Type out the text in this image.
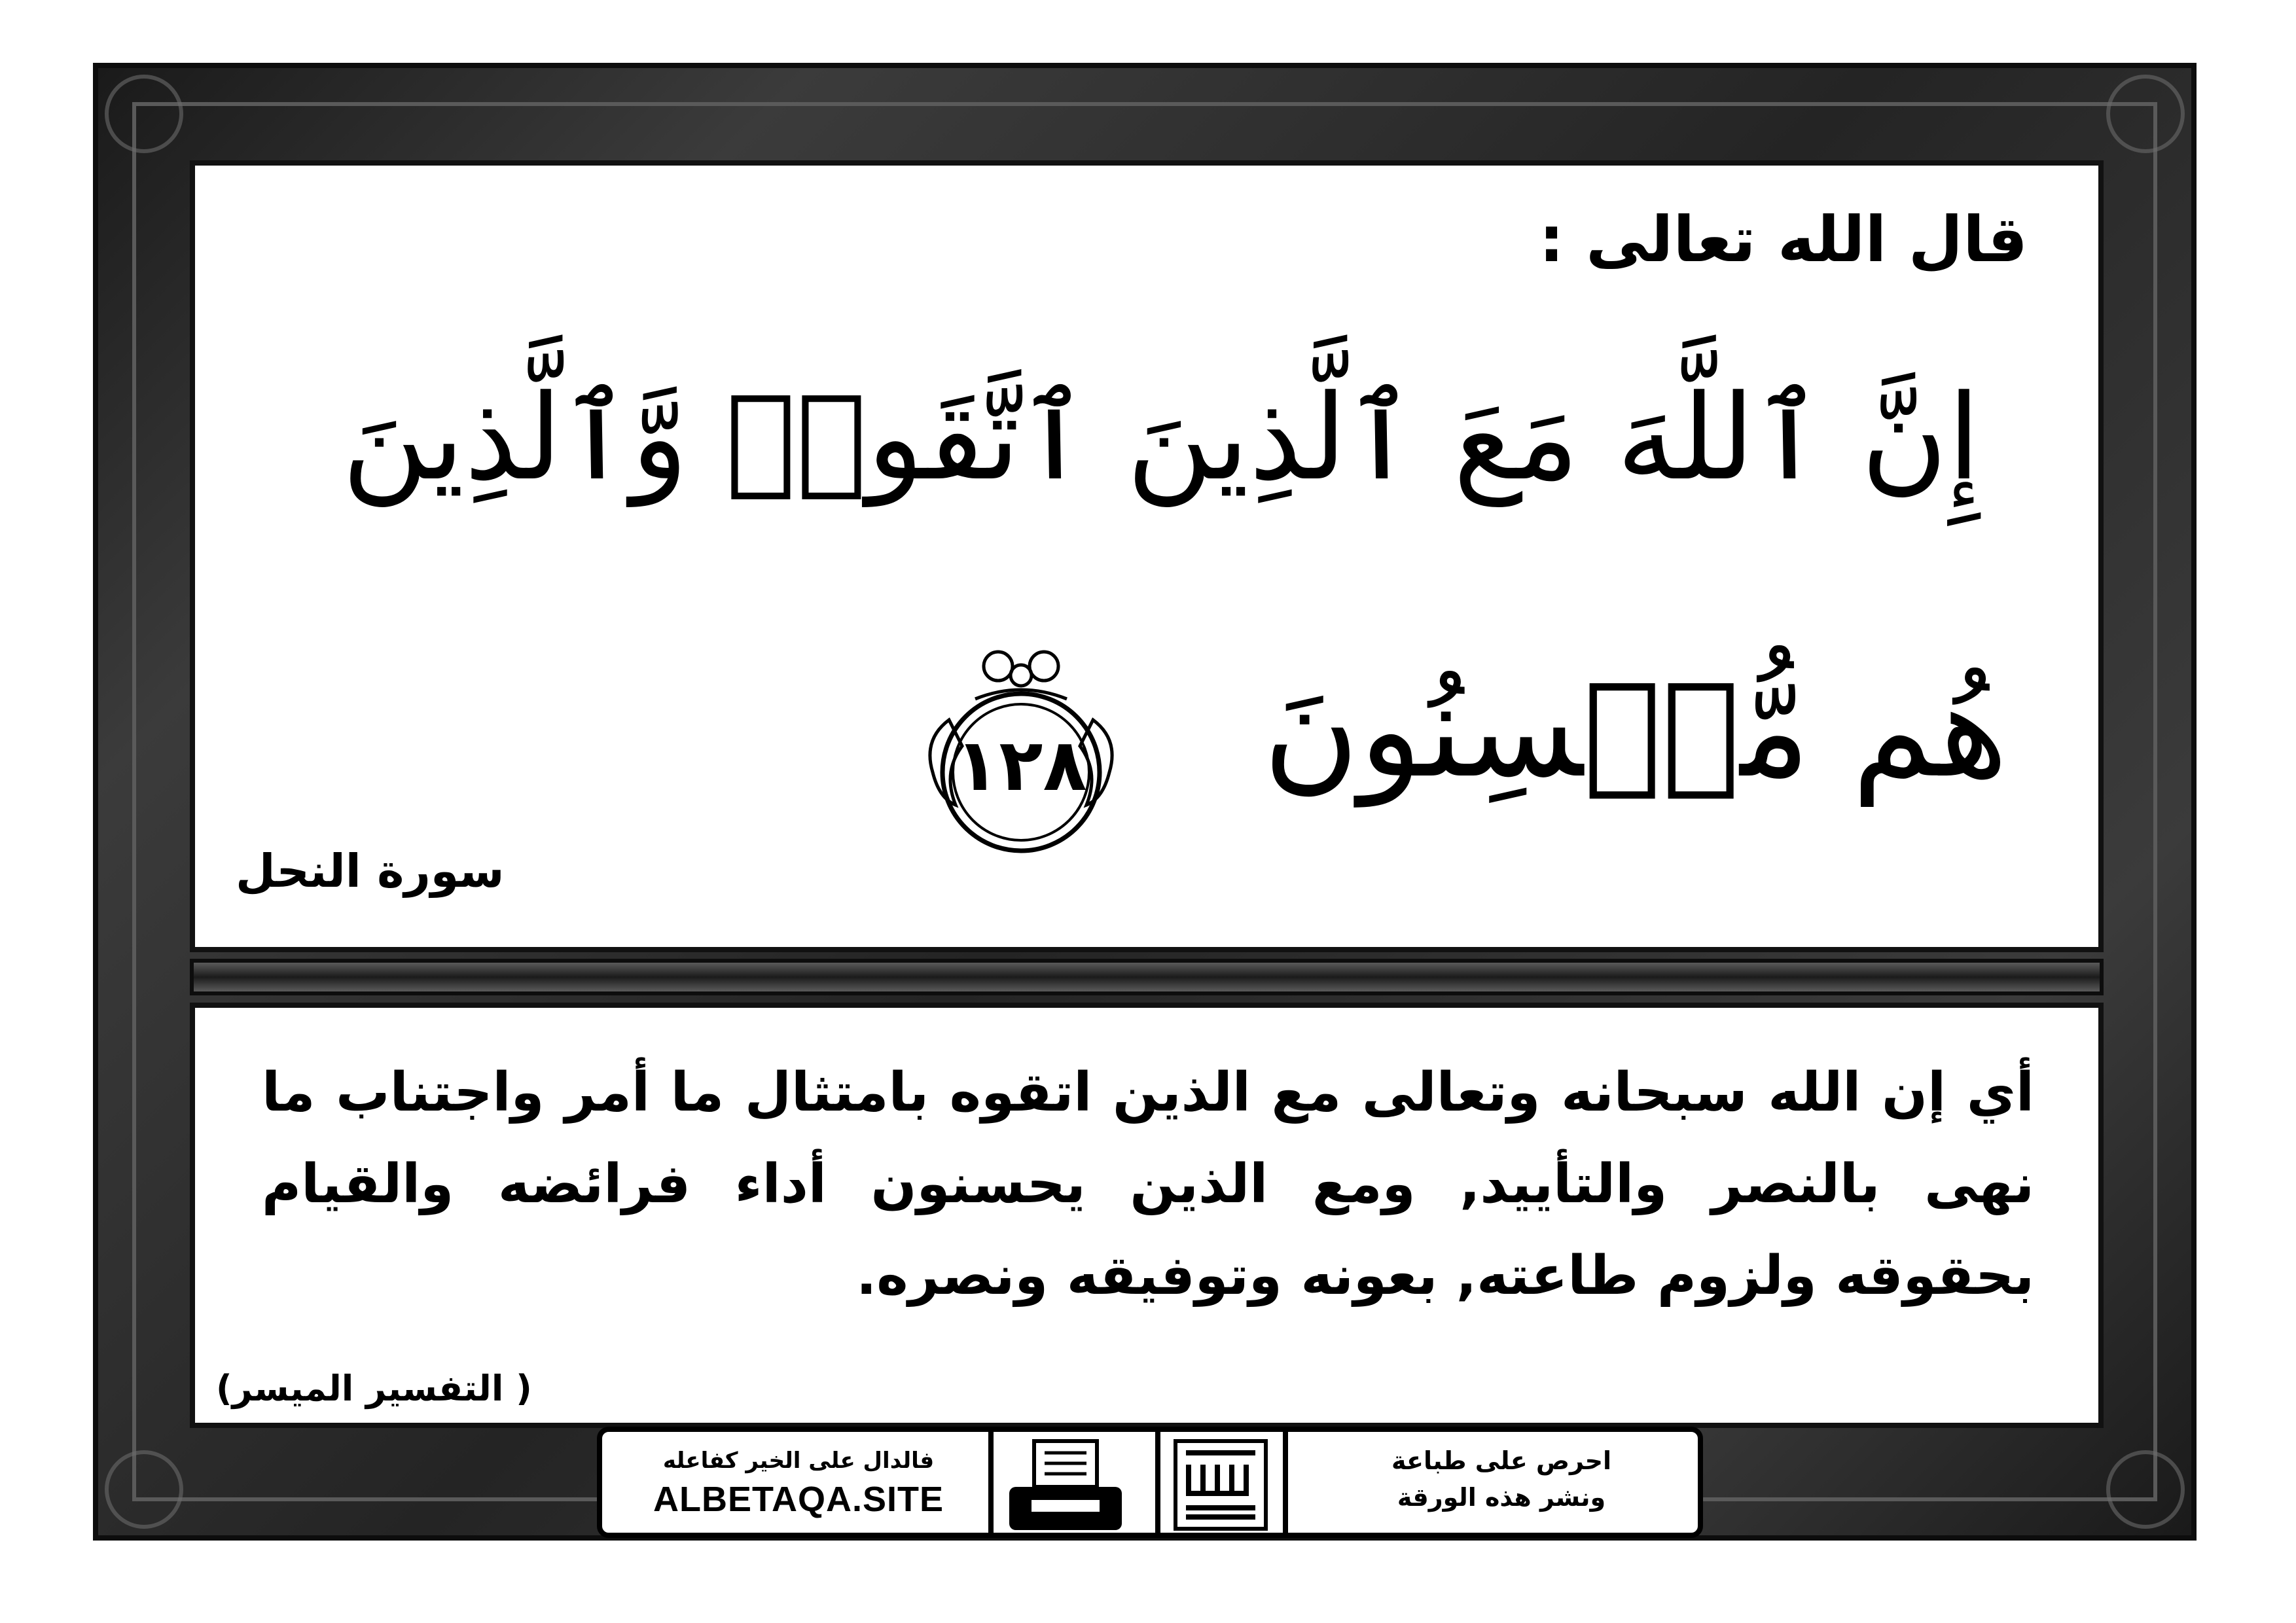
قال الله تعالى :
إِنَّ ٱللَّهَ مَعَ ٱلَّذِينَ ٱتَّقَوا۟ وَّٱلَّذِينَ
هُم مُّحۡسِنُونَ
١٢٨
سورة النحل
أي إن الله سبحانه وتعالى مع الذين اتقوه بامتثال ما أمر واجتناب ما نهى بالنصر والتأييد, ومع الذين يحسنون أداء فرائضه والقيام بحقوقه ولزوم طاعته, بعونه وتوفيقه ونصره.
( التفسير الميسر)
فالدال على الخير كفاعله
ALBETAQA.SITE
احرص على طباعة
ونشر هذه الورقة
